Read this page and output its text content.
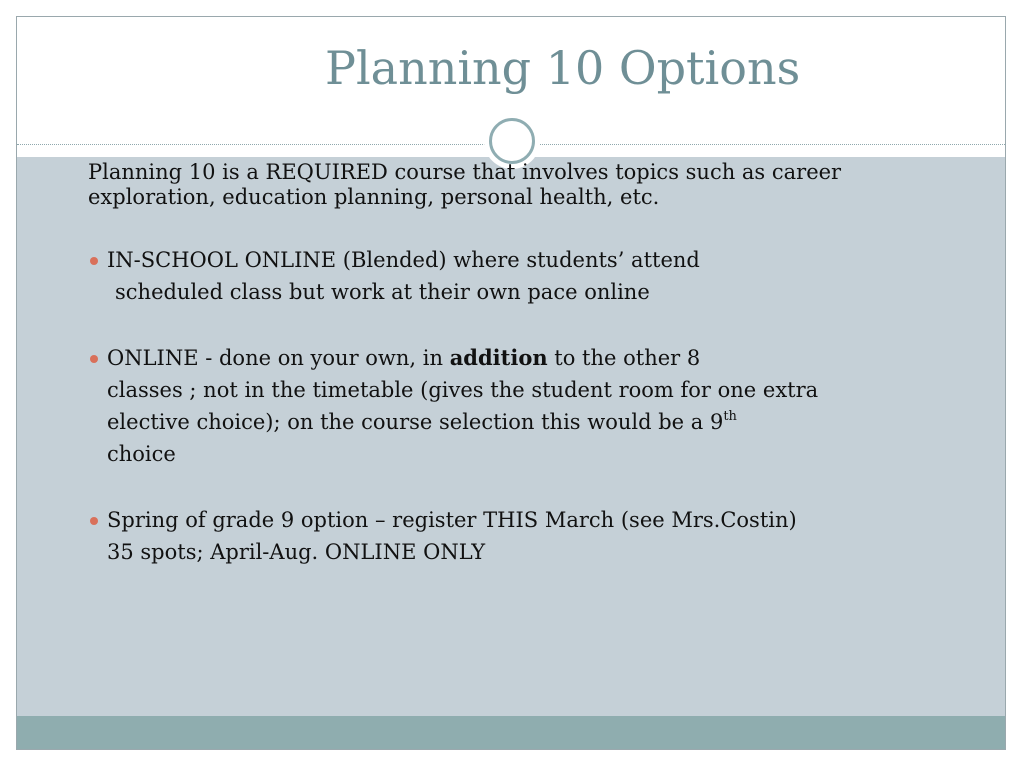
Planning 10 Options

Planning 10 is a REQUIRED course that involves topics such as career
exploration, education planning, personal health, etc.

IN-SCHOOL ONLINE (Blended) where students’ attend
scheduled class but work at their own pace online
ONLINE - done on your own, in addition to the other 8
classes ; not in the timetable (gives the student room for one extra
elective choice); on the course selection this would be a 9th
choice
Spring of grade 9 option – register THIS March (see Mrs.Costin)
35 spots; April-Aug. ONLINE ONLY
